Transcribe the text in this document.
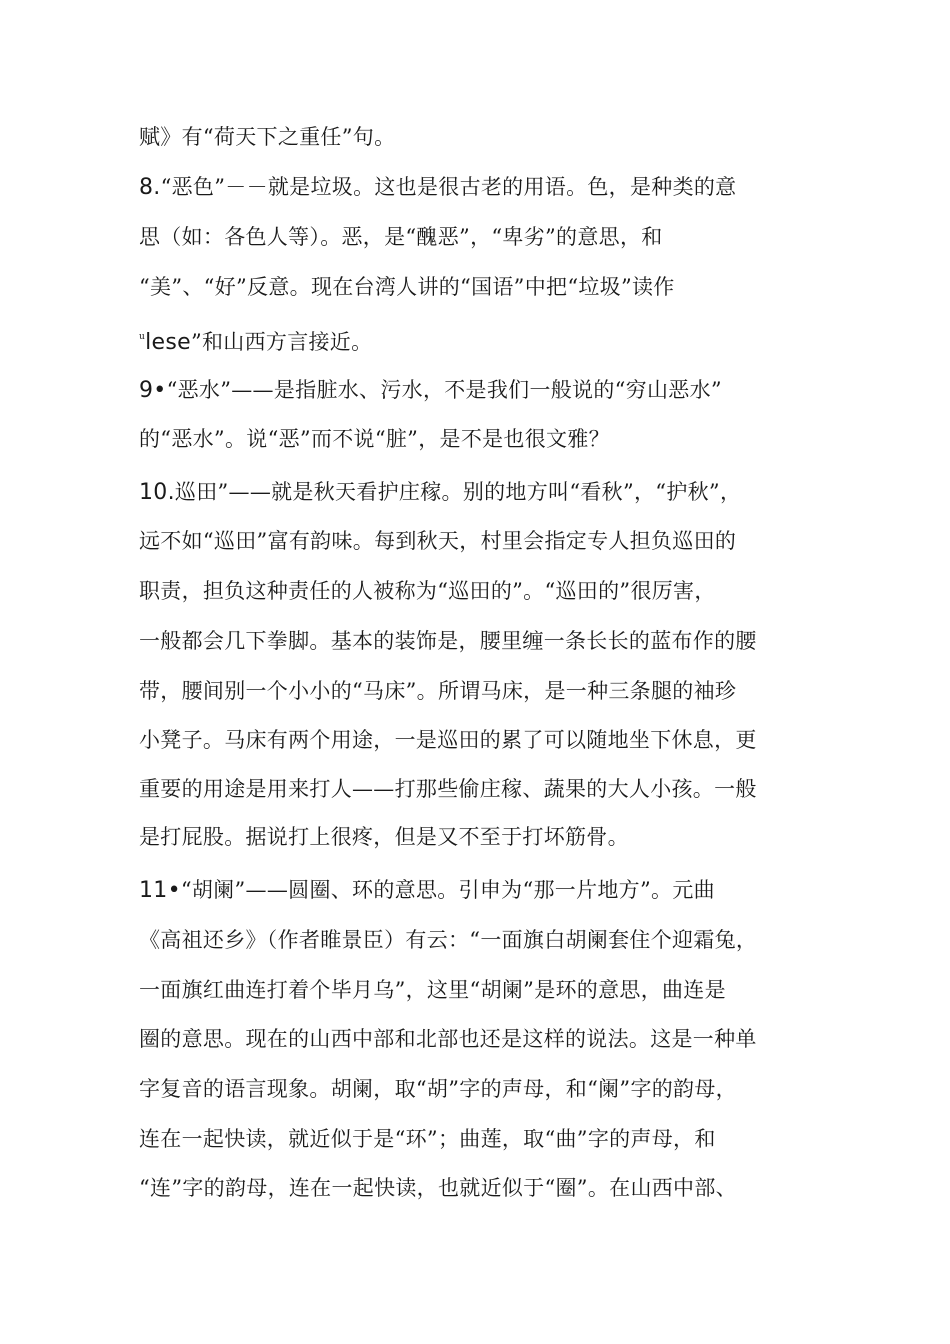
赋》有“荷天下之重任”句。
8.“恶色”－－就是垃圾。这也是很古老的用语。色，是种类的意
思（如：各色人等）。恶，是“醜恶”，“卑劣”的意思，和
“美”、“好”反意。现在台湾人讲的“国语”中把“垃圾”读作
$^u$lese”和山西方言接近。
9•“恶水”——是指脏水、污水，不是我们一般说的“穷山恶水”
的“恶水”。说“恶”而不说“脏”，是不是也很文雅？
10.巡田”——就是秋天看护庄稼。别的地方叫“看秋”，“护秋”，
远不如“巡田”富有韵味。每到秋天，村里会指定专人担负巡田的
职责，担负这种责任的人被称为“巡田的”。“巡田的”很厉害，
一般都会几下拳脚。基本的装饰是，腰里缠一条长长的蓝布作的腰
带，腰间别一个小小的“马床”。所谓马床，是一种三条腿的袖珍
小凳子。马床有两个用途，一是巡田的累了可以随地坐下休息，更
重要的用途是用来打人——打那些偷庄稼、蔬果的大人小孩。一般
是打屁股。据说打上很疼，但是又不至于打坏筋骨。
11•“胡阑”——圆圈、环的意思。引申为“那一片地方”。元曲
《高祖还乡》（作者睢景臣）有云：“一面旗白胡阑套住个迎霜兔，
一面旗红曲连打着个毕月乌”，这里“胡阑”是环的意思，曲连是
圈的意思。现在的山西中部和北部也还是这样的说法。这是一种单
字复音的语言现象。胡阑，取“胡”字的声母，和“阑”字的韵母，
连在一起快读，就近似于是“环”；曲莲，取“曲”字的声母，和
“连”字的韵母，连在一起快读，也就近似于“圈”。在山西中部、
